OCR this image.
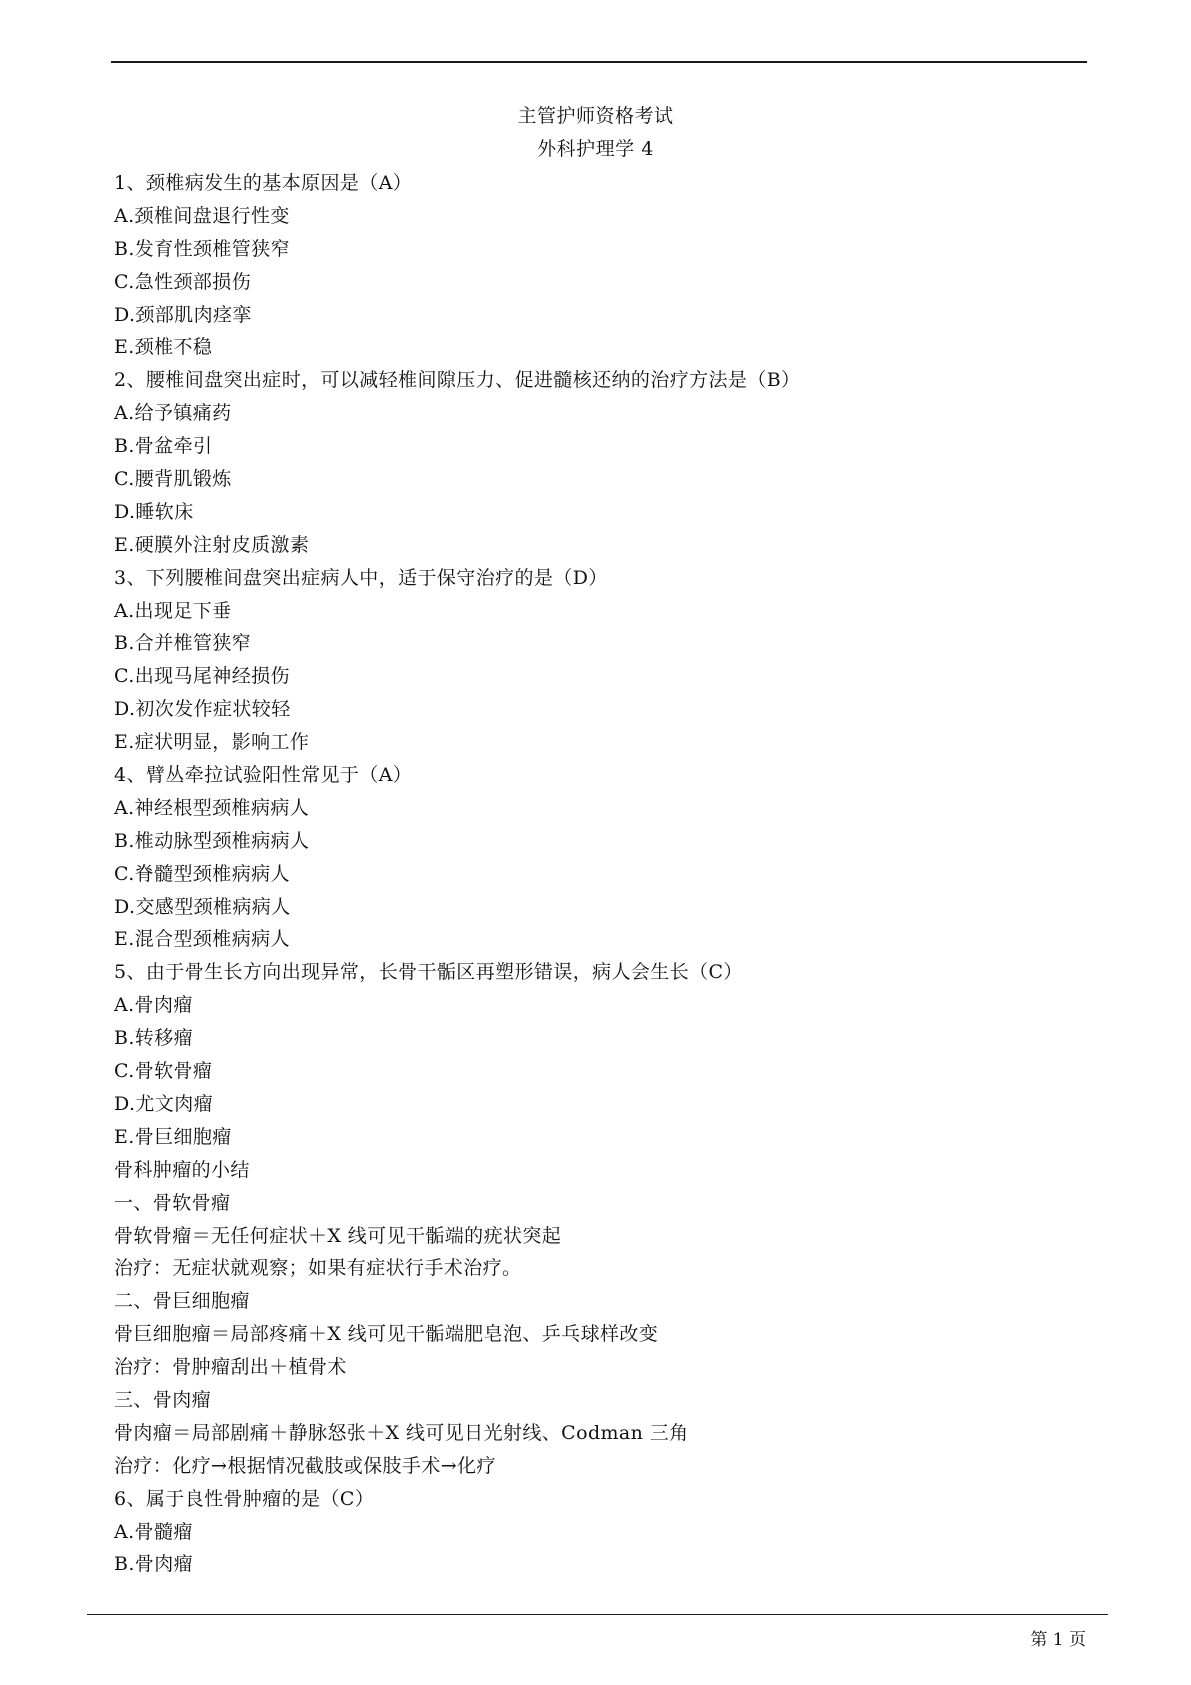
主管护师资格考试
外科护理学 4
1、颈椎病发生的基本原因是（A）
A.颈椎间盘退行性变
B.发育性颈椎管狭窄
C.急性颈部损伤
D.颈部肌肉痉挛
E.颈椎不稳
2、腰椎间盘突出症时，可以减轻椎间隙压力、促进髓核还纳的治疗方法是（B）
A.给予镇痛药
B.骨盆牵引
C.腰背肌锻炼
D.睡软床
E.硬膜外注射皮质激素
3、下列腰椎间盘突出症病人中，适于保守治疗的是（D）
A.出现足下垂
B.合并椎管狭窄
C.出现马尾神经损伤
D.初次发作症状较轻
E.症状明显，影响工作
4、臂丛牵拉试验阳性常见于（A）
A.神经根型颈椎病病人
B.椎动脉型颈椎病病人
C.脊髓型颈椎病病人
D.交感型颈椎病病人
E.混合型颈椎病病人
5、由于骨生长方向出现异常，长骨干骺区再塑形错误，病人会生长（C）
A.骨肉瘤
B.转移瘤
C.骨软骨瘤
D.尤文肉瘤
E.骨巨细胞瘤
骨科肿瘤的小结
一、骨软骨瘤
骨软骨瘤＝无任何症状＋X 线可见干骺端的疣状突起
治疗：无症状就观察；如果有症状行手术治疗。
二、骨巨细胞瘤
骨巨细胞瘤＝局部疼痛＋X 线可见干骺端肥皂泡、乒乓球样改变
治疗：骨肿瘤刮出＋植骨术
三、骨肉瘤
骨肉瘤＝局部剧痛＋静脉怒张＋X 线可见日光射线、Codman 三角
治疗：化疗→根据情况截肢或保肢手术→化疗
6、属于良性骨肿瘤的是（C）
A.骨髓瘤
B.骨肉瘤
第 1 页
